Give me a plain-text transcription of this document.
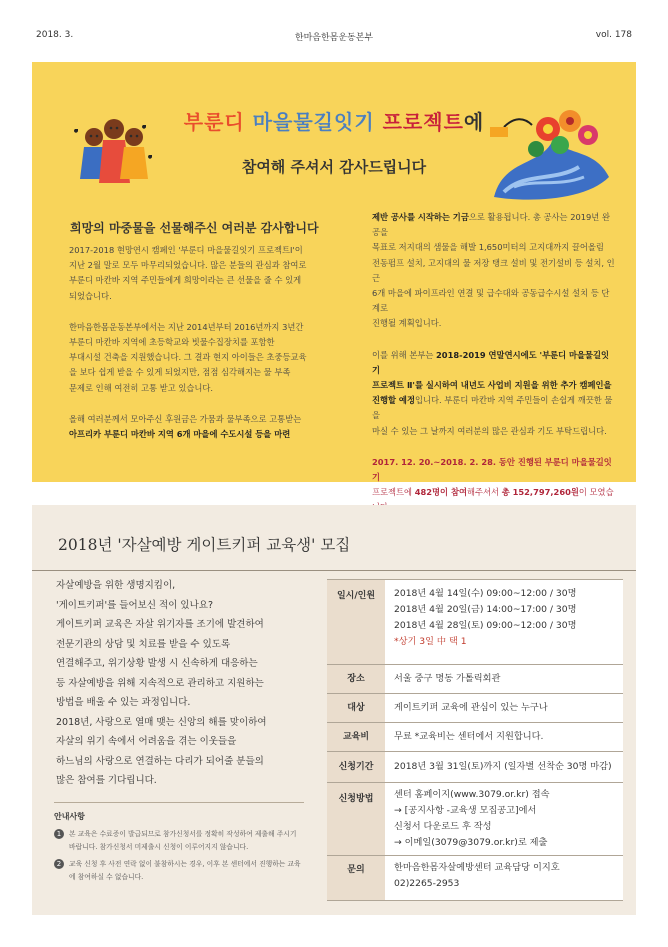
2018. 3.	한마음한몸운동본부	vol. 178
부룬디 마을물길잇기 프로젝트에
참여해 주셔서 감사드립니다
희망의 마중물을 선물해주신 여러분 감사합니다

2017-2018 현망연시 캠페인 '부룬디 마을물길잇기 프로젝트Ⅰ'이
지난 2월 말로 모두 마무리되었습니다. 많은 분들의 관심과 참여로
부룬디 마칸바 지역 주민들에게 희망이라는 큰 선물을 줄 수 있게
되었습니다.

한마음한몸운동본부에서는 지난 2014년부터 2016년까지 3년간
부룬디 마칸바 지역에 초등학교와 빗물수집장치를 포함한
부대시설 건축을 지원했습니다. 그 결과 현지 아이들은 초중등교육
을 보다 쉽게 받을 수 있게 되었지만, 점점 심각해지는 물 부족
문제로 인해 여전히 고통 받고 있습니다.

올해 여러분께서 모아주신 후원금은 가뭄과 물부족으로 고통받는
아프리카 부룬디 마칸바 지역 6개 마을에 수도시설 등을 마련

제반 공사를 시작하는 기금으로 활용됩니다. 총 공사는 2019년 완공을
목표로 저지대의 샘물을 해발 1,650미터의 고지대까지 끌어올림
전동펌프 설치, 고지대의 물 저장 탱크 설비 및 전기설비 등 설치, 인근
6개 마을에 파이프라인 연결 및 급수대와 공동급수시설 설치 등 단계로
진행될 계획입니다.

이를 위해 본부는 2018-2019 연말연시에도 '부룬디 마을물길잇기
프로젝트 Ⅱ'를 실시하여 내년도 사업비 지원을 위한 추가 캠페인을
진행할 예정입니다. 부룬디 마칸바 지역 주민들이 손쉽게 깨끗한 물을
마실 수 있는 그 날까지 여러분의 많은 관심과 기도 부탁드립니다.

2017. 12. 20.~2018. 2. 28. 동안 진행된 부룬디 마을물길잇기
프로젝트에 482명이 참여해주셔서 총 152,797,260원이 모였습

2018년 '자살예방 게이트키퍼 교육생' 모집
자살예방을 위한 생명지킴이,
'게이트키퍼'를 들어보신 적이 있나요?
게이트키퍼 교육은 자살 위기자를 조기에 발견하여
전문기관의 상담 및 치료를 받을 수 있도록
연결해주고, 위기상황 발생 시 신속하게 대응하는
등 자살예방을 위해 지속적으로 관리하고 지원하는
방법을 배울 수 있는 과정입니다.
2018년, 사랑으로 열매 맺는 신앙의 해를 맞이하여
자살의 위기 속에서 어려움을 겪는 이웃들을
하느님의 사랑으로 연결하는 다리가 되어줄 분들의
많은 참여를 기다립니다.
안내사항
1	본 교육은 수료증이 발급되므로 참가신청서를 정확히 작성하여 제출해 주시기 바랍니다. 참가신청서 미제출시 신청이 이루어지지 않습니다.
2	교육 신청 후 사전 연락 없이 불참하시는 경우, 이후 본 센터에서 진행하는 교육에 참여하실 수 없습니다.
일시/인원	2018년 4월 14일(수) 09:00~12:00 / 30명
2018년 4월 20일(금) 14:00~17:00 / 30명
2018년 4월 28일(토) 09:00~12:00 / 30명
*상기 3일 中 택 1
장소	서울 중구 명동 가톨릭회관
대상	게이트키퍼 교육에 관심이 있는 누구나
교육비	무료 *교육비는 센터에서 지원합니다.
신청기간	2018년 3월 31일(토)까지 (일자별 선착순 30명 마감)
신청방법	센터 홈페이지(www.3079.or.kr) 접속
→ [공지사항 -교육생 모집공고]에서
신청서 다운로드 후 작성
→ 이메일(3079@3079.or.kr)로 제출
문의	한마음한몸자살예방센터 교육담당 이지호
02)2265-2953
